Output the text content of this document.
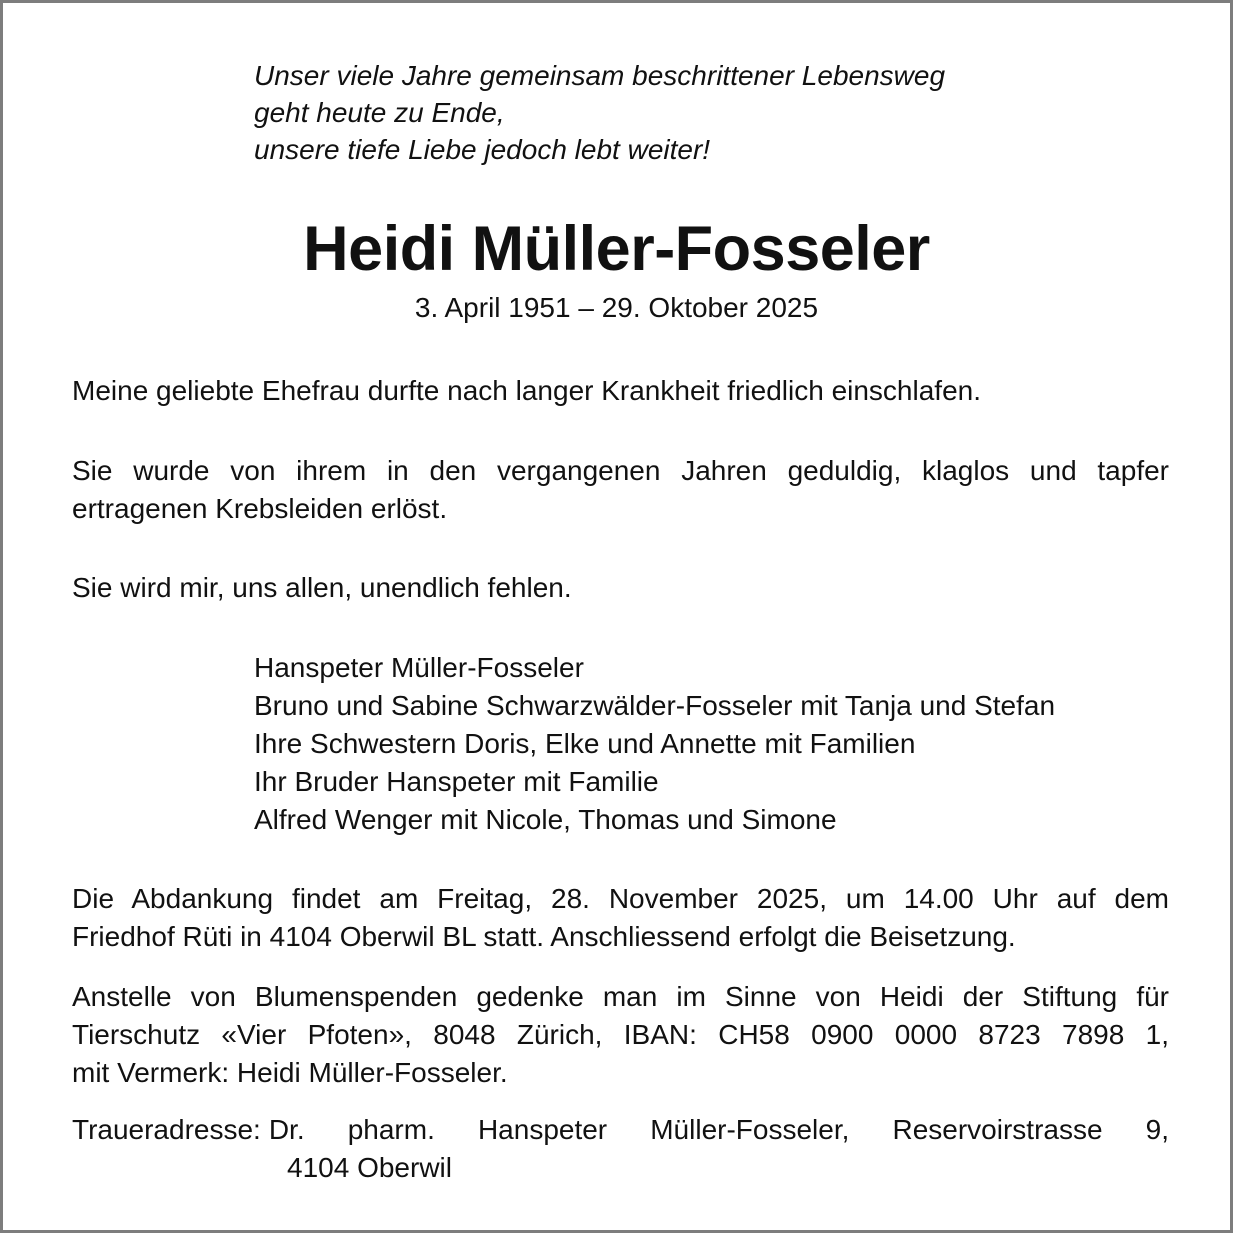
Unser viele Jahre gemeinsam beschrittener Lebensweg
geht heute zu Ende,
unsere tiefe Liebe jedoch lebt weiter!
Heidi Müller-Fosseler
3. April 1951 – 29. Oktober 2025
Meine geliebte Ehefrau durfte nach langer Krankheit friedlich einschlafen.
Sie wurde von ihrem in den vergangenen Jahren geduldig, klaglos und tapfer
ertragenen Krebsleiden erlöst.
Sie wird mir, uns allen, unendlich fehlen.
Hanspeter Müller-Fosseler
Bruno und Sabine Schwarzwälder-Fosseler mit Tanja und Stefan
Ihre Schwestern Doris, Elke und Annette mit Familien
Ihr Bruder Hanspeter mit Familie
Alfred Wenger mit Nicole, Thomas und Simone
Die Abdankung findet am Freitag, 28. November 2025, um 14.00 Uhr auf dem
Friedhof Rüti in 4104 Oberwil BL statt. Anschliessend erfolgt die Beisetzung.
Anstelle von Blumenspenden gedenke man im Sinne von Heidi der Stiftung für
Tierschutz «Vier Pfoten», 8048 Zürich, IBAN: CH58 0900 0000 8723 7898 1,
mit Vermerk: Heidi Müller-Fosseler.
Traueradresse: Dr. pharm. Hanspeter Müller-Fosseler, Reservoirstrasse 9,
4104 Oberwil
